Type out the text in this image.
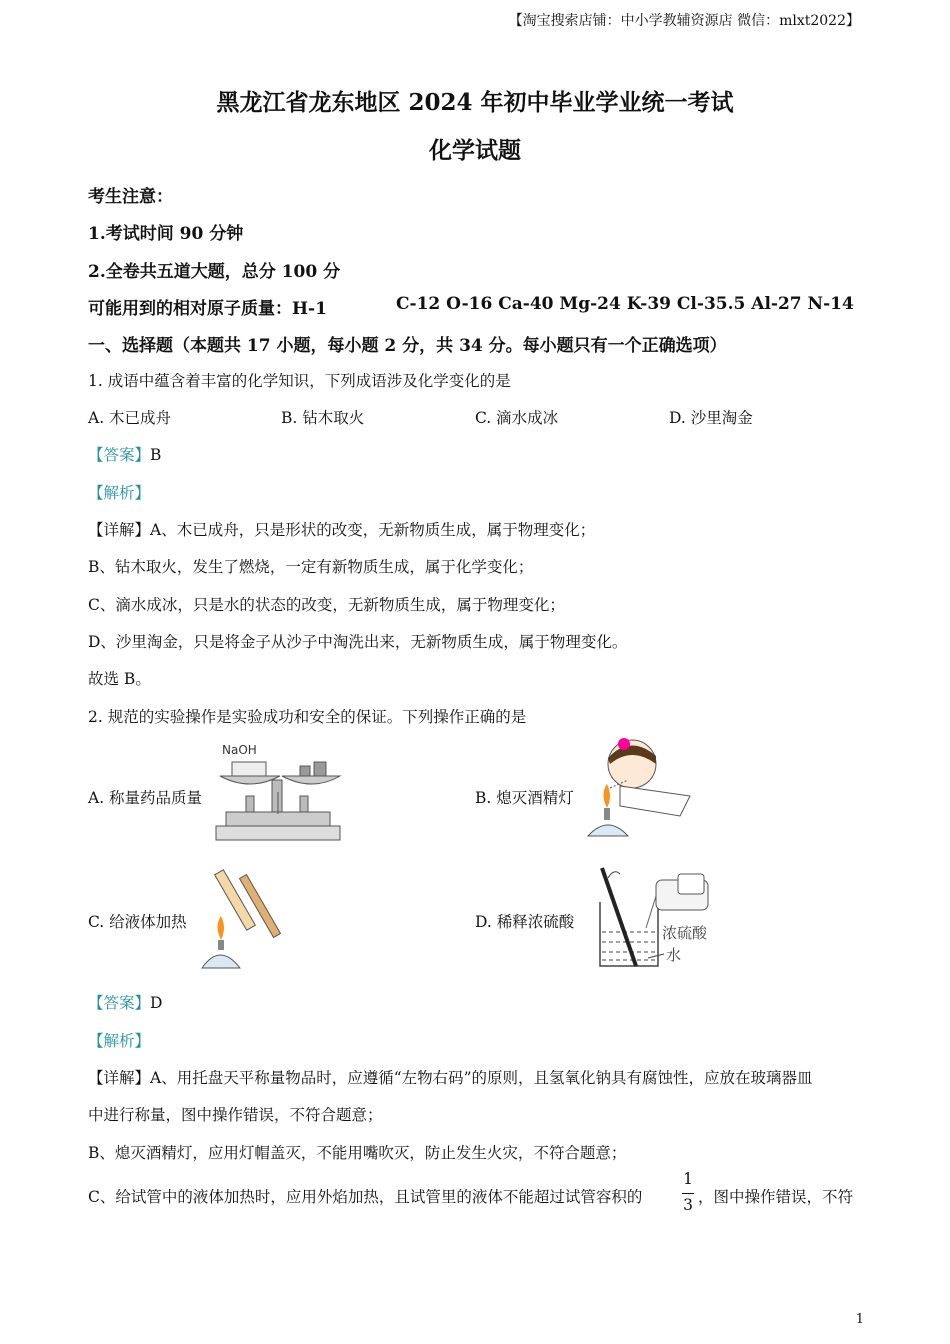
【淘宝搜索店铺：中小学教辅资源店 微信：mlxt2022】
黑龙江省龙东地区 2024 年初中毕业学业统一考试
化学试题
考生注意：
1.考试时间 90 分钟
2.全卷共五道大题，总分 100 分
可能用到的相对原子质量：H-1	C-12 O-16 Ca-40 Mg-24 K-39 Cl-35.5 Al-27 N-14
一、选择题（本题共 17 小题，每小题 2 分，共 34 分。每小题只有一个正确选项）
1. 成语中蕴含着丰富的化学知识，下列成语涉及化学变化的是
A. 木已成舟	B. 钻木取火	C. 滴水成冰	D. 沙里淘金
【答案】B
【解析】
【详解】A、木已成舟，只是形状的改变，无新物质生成，属于物理变化；
B、钻木取火，发生了燃烧，一定有新物质生成，属于化学变化；
C、滴水成冰，只是水的状态的改变，无新物质生成，属于物理变化；
D、沙里淘金，只是将金子从沙子中淘洗出来，无新物质生成，属于物理变化。
故选 B。
2. 规范的实验操作是实验成功和安全的保证。下列操作正确的是
A. 称量药品质量
NaOH
B. 熄灭酒精灯
C. 给液体加热	D. 稀释浓硫酸
浓硫酸
水
【答案】D
【解析】
【详解】A、用托盘天平称量物品时，应遵循“左物右码”的原则，且氢氧化钠具有腐蚀性，应放在玻璃器皿
中进行称量，图中操作错误，不符合题意；
B、熄灭酒精灯，应用灯帽盖灭，不能用嘴吹灭，防止发生火灾，不符合题意；
C、给试管中的液体加热时，应用外焰加热，且试管里的液体不能超过试管容积的
1
3 ，图中操作错误，不符
1
